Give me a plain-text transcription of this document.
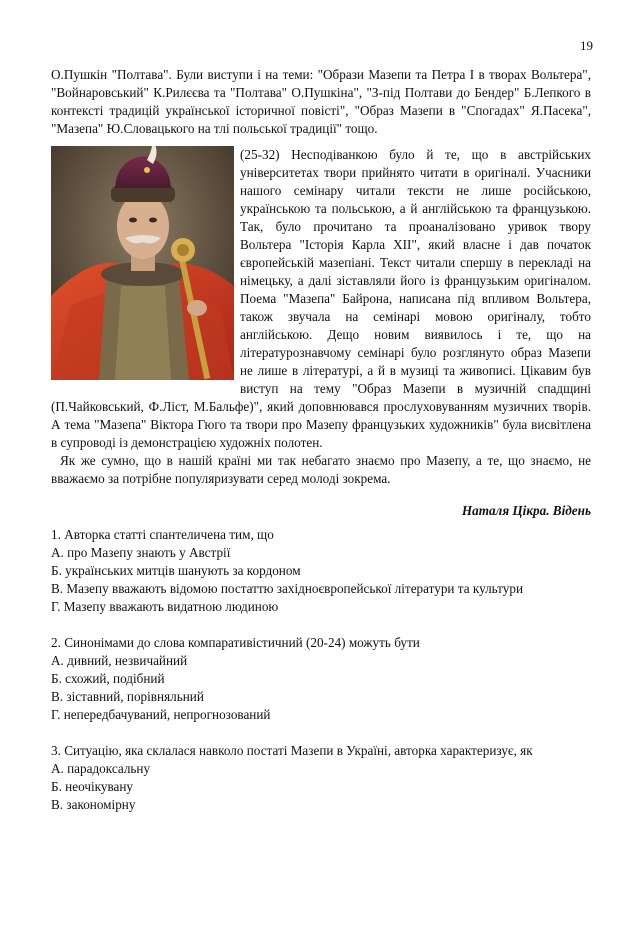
19

О.Пушкін "Полтава". Були виступи і на теми: "Образи Мазепи та Петра І в творах Вольтера", "Войнаровський" К.Рилєєва та "Полтава" О.Пушкіна", "З-під Полтави до Бендер" Б.Лепкого в контексті традицій української історичної повісті", "Образ Мазепи в "Спогадах" Я.Пасека", "Мазепа" Ю.Словацького на тлі польської традиції" тощо.

(25-32) Несподіванкою було й те, що в австрійських університетах твори прийнято читати в оригіналі. Учасники нашого семінару читали тексти не лише російською, українською та польською, а й англійською та французькою. Так, було прочитано та проаналізовано уривок твору Вольтера "Історія Карла ХІІ", який власне і дав початок європейській мазепіані. Текст читали спершу в перекладі на німецьку, а далі зіставляли його із французьким оригіналом. Поема "Мазепа" Байрона, написана під впливом Вольтера, також звучала на семінарі мовою оригіналу, тобто англійською. Дещо новим виявилось і те, що на літературознавчому семінарі було розглянуто образ Мазепи не лише в літературі, а й в музиці та живописі. Цікавим був виступ на тему "Образ Мазепи в музичній спадщині (П.Чайковський, Ф.Ліст, М.Бальфе)", який доповнювався прослуховуванням музичних творів. А тема "Мазепа" Віктора Гюго та твори про Мазепу французьких художників" була висвітлена в супроводі із демонстрацією художніх полотен.

Як же сумно, що в нашій країні ми так небагато знаємо про Мазепу, а те, що знаємо, не вважаємо за потрібне популяризувати серед молоді зокрема.

Наталя Цікра. Відень
1. Авторка статті спантеличена тим, що
А. про Мазепу знають у Австрії
Б. українських митців шанують за кордоном
В. Мазепу вважають відомою постаттю західноєвропейської літератури та культури
Г. Мазепу вважають видатною людиною
2. Синонімами до слова компаративістичний (20-24) можуть бути
А. дивний, незвичайний
Б. схожий, подібний
В. зіставний, порівняльний
Г. непередбачуваний, непрогнозований
3. Ситуацію, яка склалася навколо постаті Мазепи в Україні, авторка характеризує, як
А. парадоксальну
Б. неочікувану
В. закономірну
